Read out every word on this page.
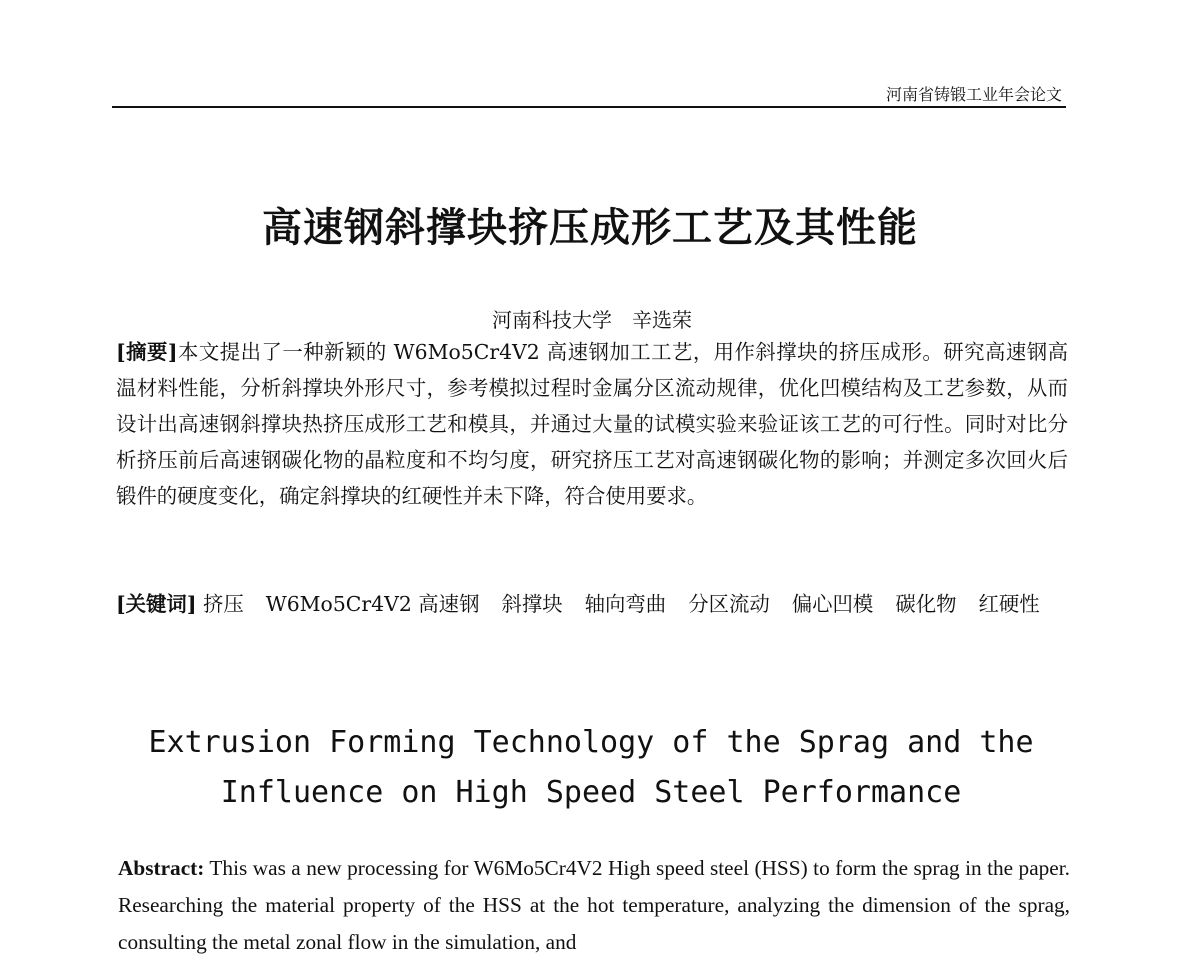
河南省铸锻工业年会论文
高速钢斜撑块挤压成形工艺及其性能
河南科技大学 辛选荣
[摘要]本文提出了一种新颖的 W6Mo5Cr4V2 高速钢加工工艺，用作斜撑块的挤压成形。研究高速钢高温材料性能，分析斜撑块外形尺寸，参考模拟过程时金属分区流动规律，优化凹模结构及工艺参数，从而设计出高速钢斜撑块热挤压成形工艺和模具，并通过大量的试模实验来验证该工艺的可行性。同时对比分析挤压前后高速钢碳化物的晶粒度和不均匀度，研究挤压工艺对高速钢碳化物的影响；并测定多次回火后锻件的硬度变化，确定斜撑块的红硬性并未下降，符合使用要求。
[关键词] 挤压 W6Mo5Cr4V2 高速钢 斜撑块 轴向弯曲 分区流动 偏心凹模 碳化物 红硬性
Extrusion Forming Technology of the Sprag and the
Influence on High Speed Steel Performance
Abstract: This was a new processing for W6Mo5Cr4V2 High speed steel (HSS) to form the sprag in the paper. Researching the material property of the HSS at the hot temperature, analyzing the dimension of the sprag, consulting the metal zonal flow in the simulation, and
